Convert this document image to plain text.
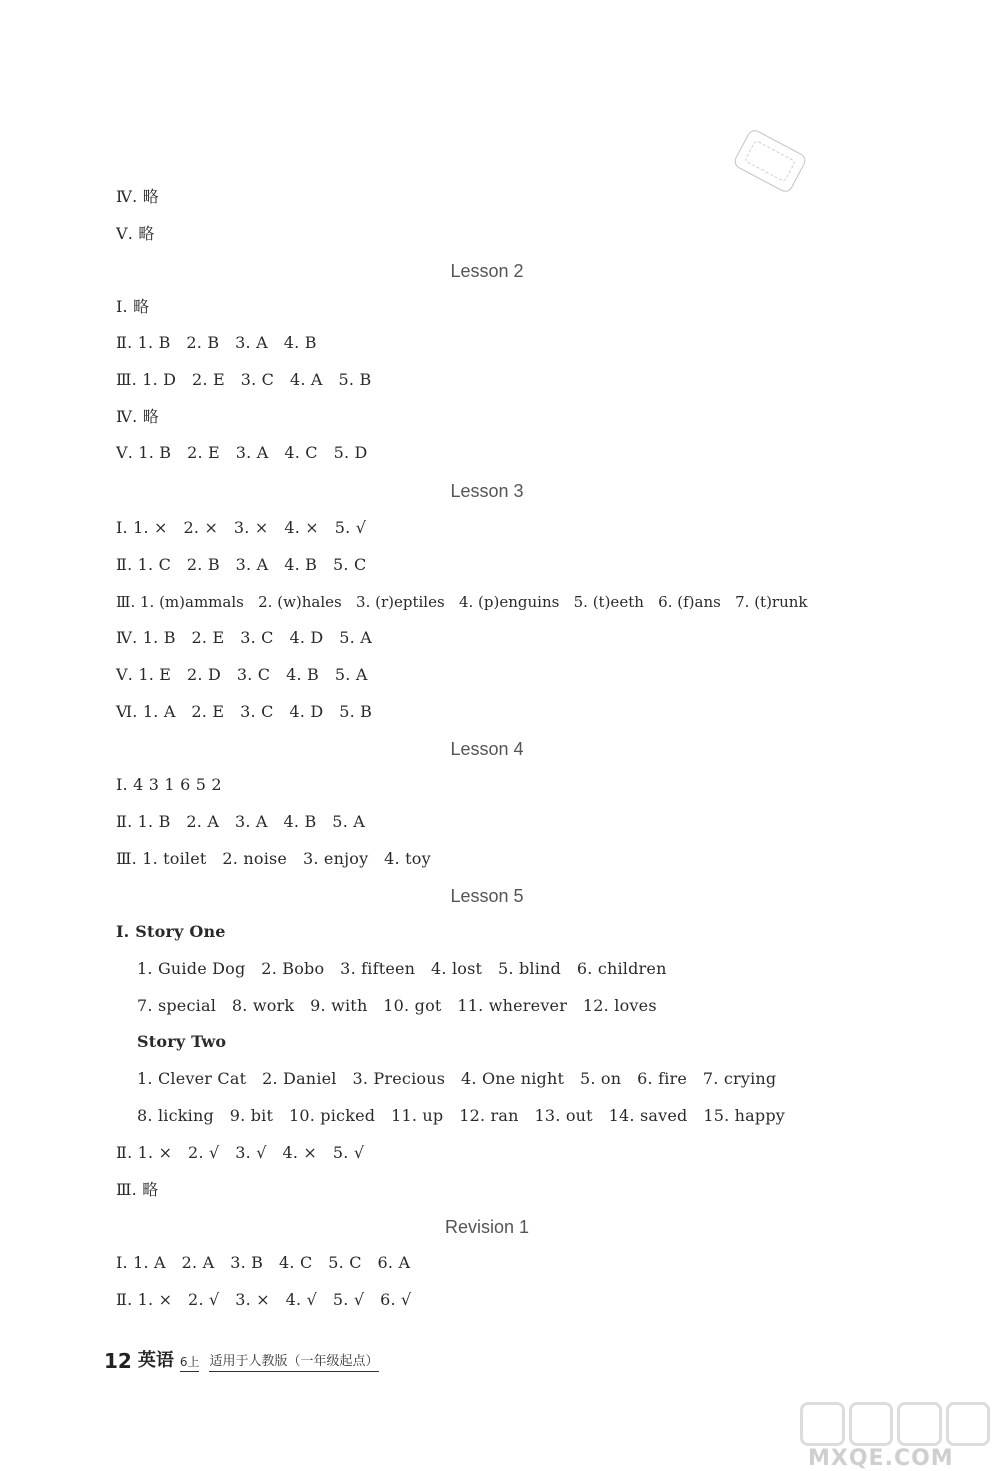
Ⅳ. 略
Ⅴ. 略
Lesson 2
Ⅰ. 略
Ⅱ. 1. B   2. B   3. A   4. B
Ⅲ. 1. D   2. E   3. C   4. A   5. B
Ⅳ. 略
Ⅴ. 1. B   2. E   3. A   4. C   5. D
Lesson 3
Ⅰ. 1. ×   2. ×   3. ×   4. ×   5. √
Ⅱ. 1. C   2. B   3. A   4. B   5. C
Ⅲ. 1. (m)ammals   2. (w)hales   3. (r)eptiles   4. (p)enguins   5. (t)eeth   6. (f)ans   7. (t)runk
Ⅳ. 1. B   2. E   3. C   4. D   5. A
Ⅴ. 1. E   2. D   3. C   4. B   5. A
Ⅵ. 1. A   2. E   3. C   4. D   5. B
Lesson 4
Ⅰ. 4 3 1 6 5 2
Ⅱ. 1. B   2. A   3. A   4. B   5. A
Ⅲ. 1. toilet   2. noise   3. enjoy   4. toy
Lesson 5
Ⅰ. Story One
1. Guide Dog   2. Bobo   3. fifteen   4. lost   5. blind   6. children
7. special   8. work   9. with   10. got   11. wherever   12. loves
Story Two
1. Clever Cat   2. Daniel   3. Precious   4. One night   5. on   6. fire   7. crying
8. licking   9. bit   10. picked   11. up   12. ran   13. out   14. saved   15. happy
Ⅱ. 1. ×   2. √   3. √   4. ×   5. √
Ⅲ. 略
Revision 1
Ⅰ. 1. A   2. A   3. B   4. C   5. C   6. A
Ⅱ. 1. ×   2. √   3. ×   4. √   5. √   6. √
12 英语 6上 适用于人教版（一年级起点）
MXQE.COM
